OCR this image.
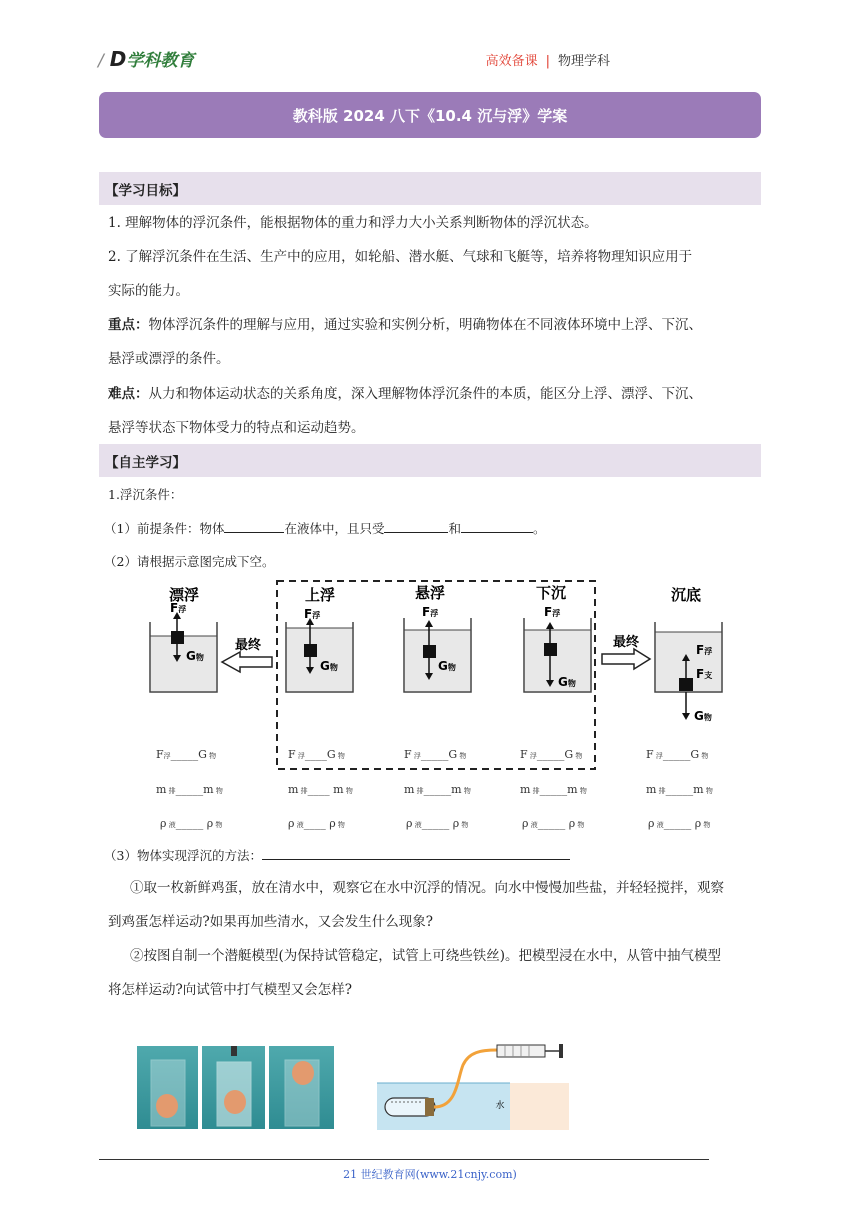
/ D学科教育	高效备课 | 物理学科
教科版 2024 八下《10.4 沉与浮》学案
【学习目标】
1. 理解物体的浮沉条件，能根据物体的重力和浮力大小关系判断物体的浮沉状态。
2. 了解浮沉条件在生活、生产中的应用，如轮船、潜水艇、气球和飞艇等，培养将物理知识应用于
实际的能力。
重点：物体浮沉条件的理解与应用，通过实验和实例分析，明确物体在不同液体环境中上浮、下沉、
悬浮或漂浮的条件。
难点：从力和物体运动状态的关系角度，深入理解物体浮沉条件的本质，能区分上浮、漂浮、下沉、
悬浮等状态下物体受力的特点和运动趋势。
【自主学习】
1.浮沉条件：
（1）前提条件：物体	在液体中，且只受	和	。
（2）请根据示意图完成下空。
漂浮	上浮	悬浮	下沉	沉底
F浮
G物
最终
F浮
G物
F浮
G物
F浮
G物
最终	F浮
F支
G物
F浮_____G 物	F 浮____G 物	F 浮_____G 物	F 浮_____G 物	F 浮_____G 物
m 排_____m 物	m 排____ m 物	m 排_____m 物	m 排_____m 物	m 排_____m 物
ρ 液_____ ρ 物	ρ 液____ ρ 物	ρ 液_____ ρ 物	ρ 液_____ ρ 物	ρ 液_____ ρ 物
（3）物体实现浮沉的方法：
①取一枚新鲜鸡蛋，放在清水中，观察它在水中沉浮的情况。向水中慢慢加些盐，并轻轻搅拌，观察
到鸡蛋怎样运动?如果再加些清水，又会发生什么现象?
②按图自制一个潜艇模型(为保持试管稳定，试管上可绕些铁丝)。把模型浸在水中，从管中抽气模型
将怎样运动?向试管中打气模型又会怎样?
水
21 世纪教育网(www.21cnjy.com)
